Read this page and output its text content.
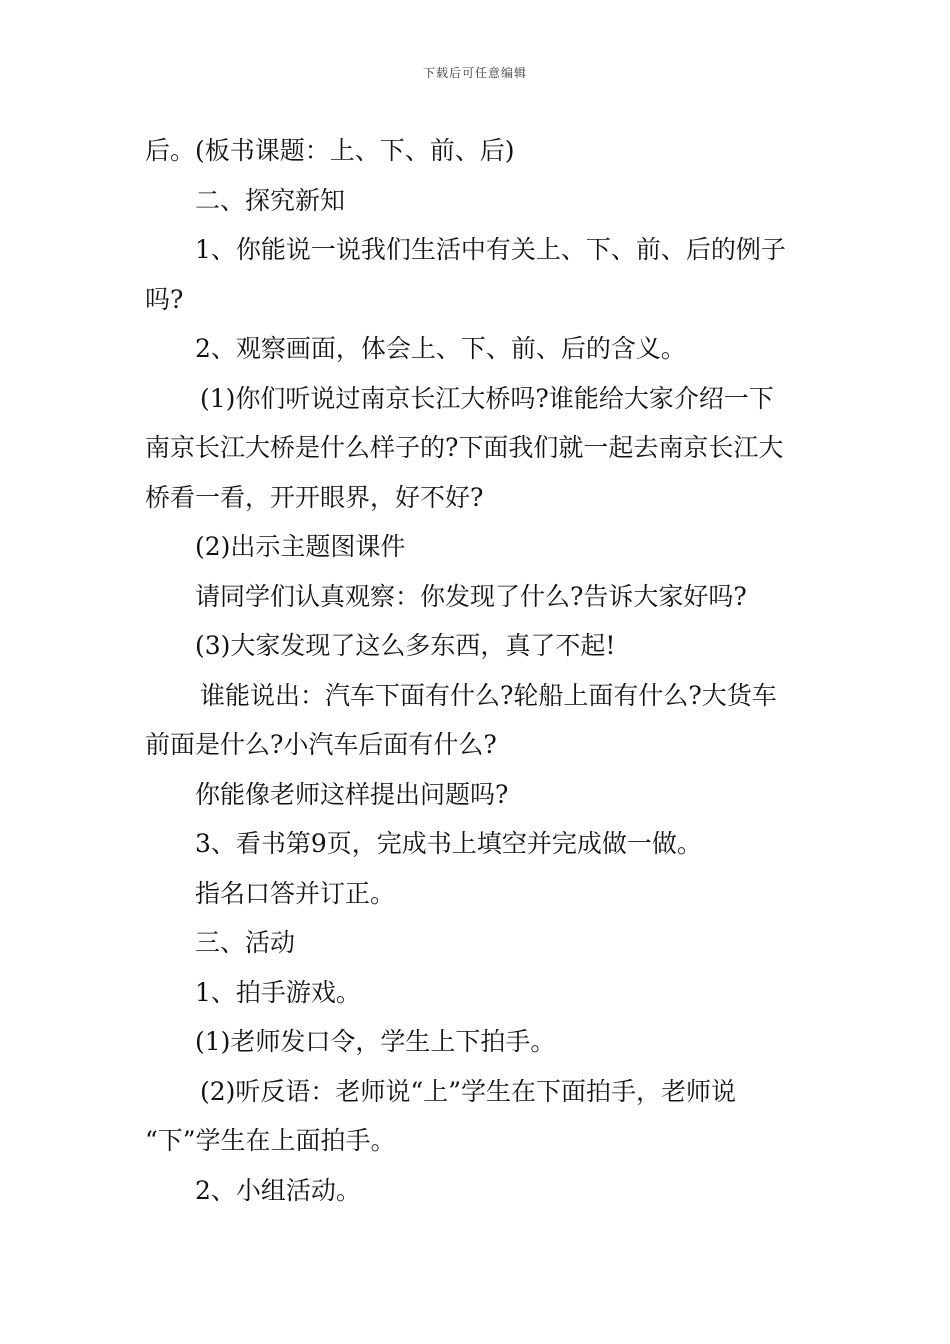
下载后可任意编辑

后。(板书课题：上、下、前、后)

二、探究新知

1、你能说一说我们生活中有关上、下、前、后的例子

吗?

2、观察画面，体会上、下、前、后的含义。

(1)你们听说过南京长江大桥吗?谁能给大家介绍一下

南京长江大桥是什么样子的?下面我们就一起去南京长江大

桥看一看，开开眼界，好不好?

(2)出示主题图课件

请同学们认真观察：你发现了什么?告诉大家好吗?

(3)大家发现了这么多东西，真了不起!

谁能说出：汽车下面有什么?轮船上面有什么?大货车

前面是什么?小汽车后面有什么?

你能像老师这样提出问题吗?

3、看书第9页，完成书上填空并完成做一做。

指名口答并订正。

三、活动

1、拍手游戏。

(1)老师发口令，学生上下拍手。

(2)听反语：老师说“上”学生在下面拍手，老师说

“下”学生在上面拍手。

2、小组活动。
